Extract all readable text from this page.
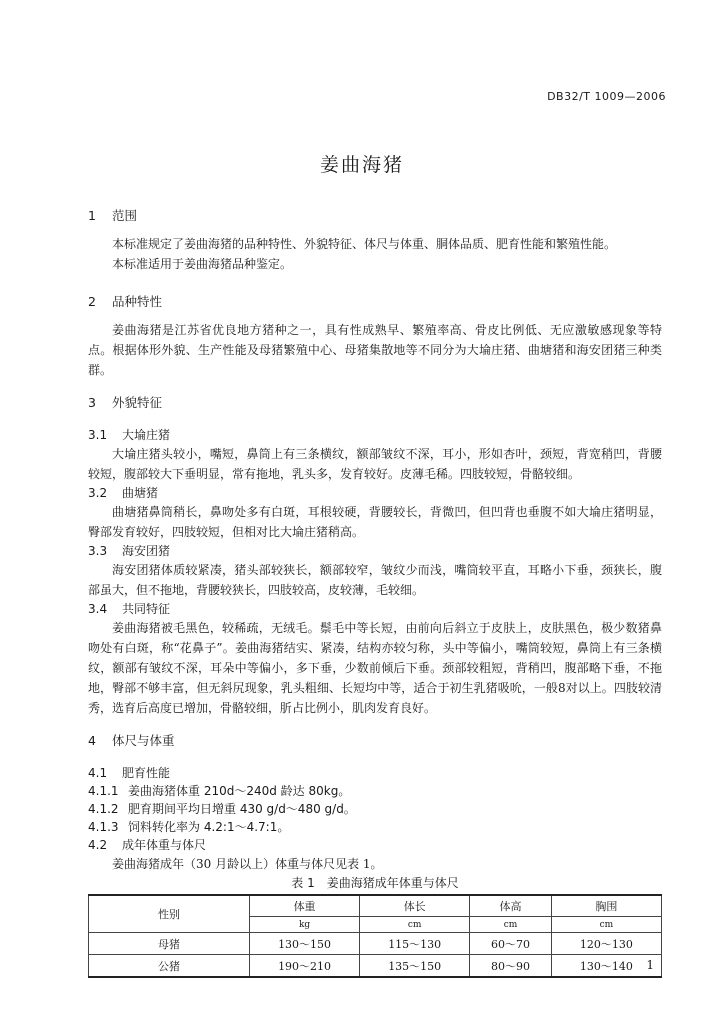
DB32/T 1009—2006
姜曲海猪
1 范围

本标准规定了姜曲海猪的品种特性、外貌特征、体尺与体重、胴体品质、肥育性能和繁殖性能。

本标准适用于姜曲海猪品种鉴定。

2 品种特性

姜曲海猪是江苏省优良地方猪种之一，具有性成熟早、繁殖率高、骨皮比例低、无应激敏感现象等特点。根据体形外貌、生产性能及母猪繁殖中心、母猪集散地等不同分为大埨庄猪、曲塘猪和海安团猪三种类群。

3 外貌特征
3.1 大埨庄猪

大埨庄猪头较小，嘴短，鼻筒上有三条横纹，额部皱纹不深，耳小，形如杏叶，颈短，背宽稍凹，背腰较短，腹部较大下垂明显，常有拖地，乳头多，发育较好。皮薄毛稀。四肢较短，骨骼较细。

3.2 曲塘猪

曲塘猪鼻筒稍长，鼻吻处多有白斑，耳根较硬，背腰较长，背微凹，但凹背也垂腹不如大埨庄猪明显，臀部发育较好，四肢较短，但相对比大埨庄猪稍高。

3.3 海安团猪

海安团猪体质较紧凑，猪头部较狭长，额部较窄，皱纹少而浅，嘴筒较平直，耳略小下垂，颈狭长，腹部虽大，但不拖地，背腰较狭长，四肢较高，皮较薄，毛较细。

3.4 共同特征

姜曲海猪被毛黑色，较稀疏，无绒毛。鬃毛中等长短，由前向后斜立于皮肤上，皮肤黑色，极少数猪鼻吻处有白斑，称“花鼻子”。姜曲海猪结实、紧凑，结构亦较匀称，头中等偏小，嘴筒较短，鼻筒上有三条横纹，额部有皱纹不深，耳朵中等偏小，多下垂，少数前倾后下垂。颈部较粗短，背稍凹，腹部略下垂，不拖地，臀部不够丰富，但无斜尻现象，乳头粗细、长短均中等，适合于初生乳猪吸吮，一般8对以上。四肢较清秀，选育后高度已增加，骨骼较细，肵占比例小，肌肉发育良好。

4 体尺与体重
4.1 肥育性能
4.1.1 姜曲海猪体重 210d～240d 龄达 80kg。
4.1.2 肥育期间平均日增重 430 g/d～480 g/d。
4.1.3 饲料转化率为 4.2:1～4.7:1。
4.2 成年体重与体尺

姜曲海猪成年（30 月龄以上）体重与体尺见表 1。

表 1　姜曲海猪成年体重与体尺

性别	体重	体长	体高	胸围
	kg	cm	cm	cm
母猪	130～150	115～130	60～70	120～130
公猪	190～210	135～150	80～90	130～140 1
